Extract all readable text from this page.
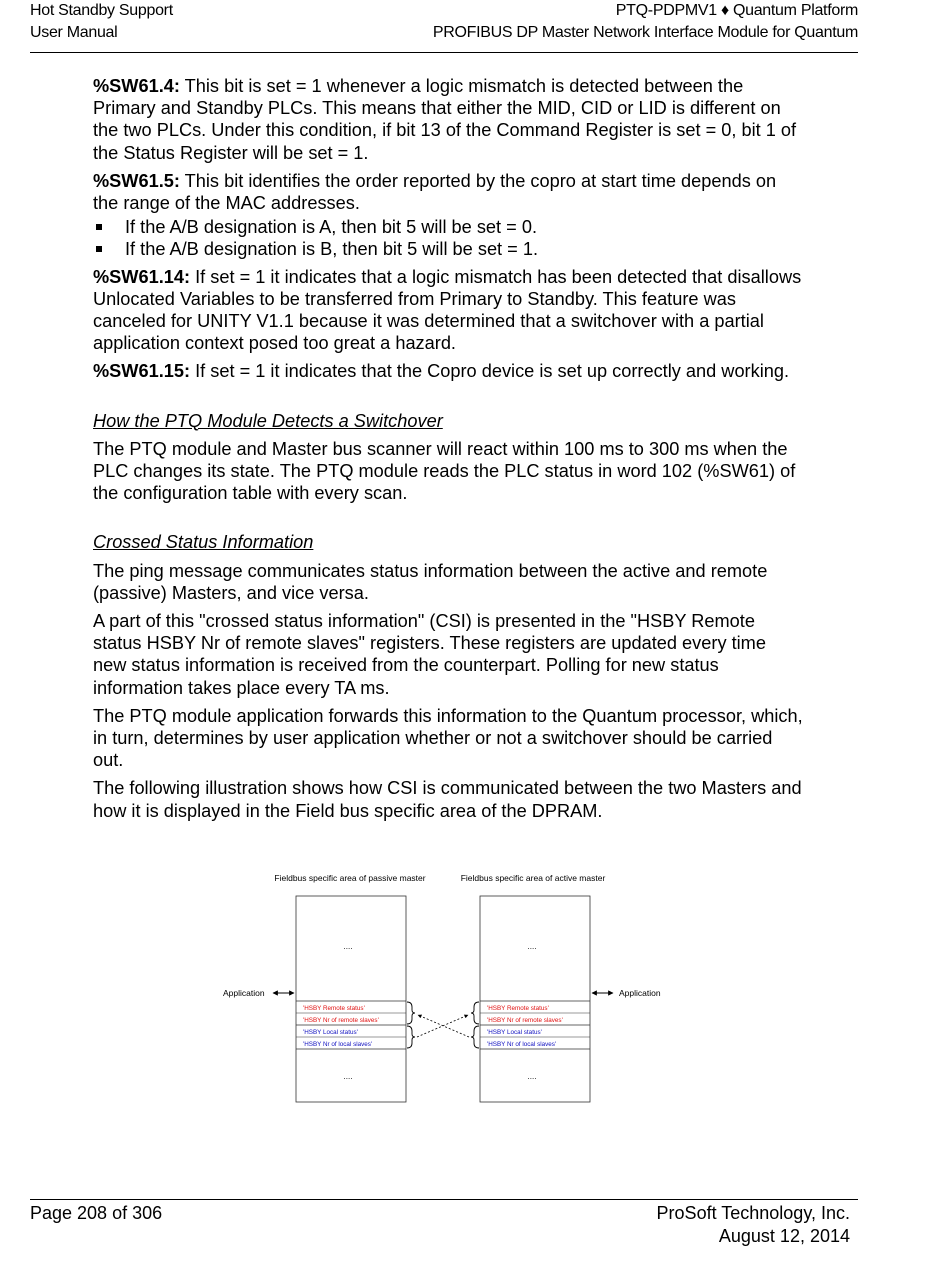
Hot Standby Support
User Manual
PTQ-PDPMV1 ♦ Quantum Platform
PROFIBUS DP Master Network Interface Module for Quantum

%SW61.4: This bit is set = 1 whenever a logic mismatch is detected between the Primary and Standby PLCs. This means that either the MID, CID or LID is different on the two PLCs. Under this condition, if bit 13 of the Command Register is set = 0, bit 1 of the Status Register will be set = 1.

%SW61.5: This bit identifies the order reported by the copro at start time depends on the range of the MAC addresses.

If the A/B designation is A, then bit 5 will be set = 0.
If the A/B designation is B, then bit 5 will be set = 1.

%SW61.14: If set = 1 it indicates that a logic mismatch has been detected that disallows Unlocated Variables to be transferred from Primary to Standby. This feature was canceled for UNITY V1.1 because it was determined that a switchover with a partial application context posed too great a hazard.

%SW61.15: If set = 1 it indicates that the Copro device is set up correctly and working.

How the PTQ Module Detects a Switchover

The PTQ module and Master bus scanner will react within 100 ms to 300 ms when the PLC changes its state. The PTQ module reads the PLC status in word 102 (%SW61) of the configuration table with every scan.

Crossed Status Information

The ping message communicates status information between the active and remote (passive) Masters, and vice versa.

A part of this "crossed status information" (CSI) is presented in the "HSBY Remote status HSBY Nr of remote slaves" registers. These registers are updated every time new status information is received from the counterpart. Polling for new status information takes place every TA ms.

The PTQ module application forwards this information to the Quantum processor, which, in turn, determines by user application whether or not a switchover should be carried out.

The following illustration shows how CSI is communicated between the two Masters and how it is displayed in the Field bus specific area of the DPRAM.

Fieldbus specific area of passive master	Fieldbus specific area of active master
....
....
'HSBY Remote status'
'HSBY Nr of remote slaves'
'HSBY Local status'
'HSBY Nr of local slaves'
....
....
'HSBY Remote status'
'HSBY Nr of remote slaves'
'HSBY Local status'
'HSBY Nr of local slaves'
Application	Application
Page 208 of 306	ProSoft Technology, Inc.
August 12, 2014
